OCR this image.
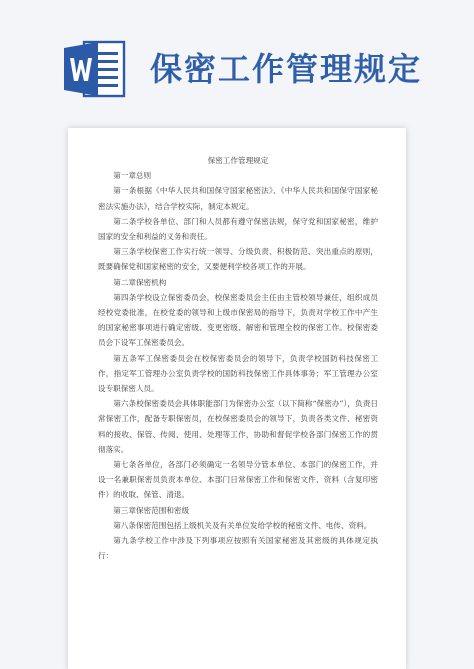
保密工作管理规定
保密工作管理规定
第一章总则
第一条根据《中华人民共和国保守国家秘密法》、《中华人民共和国保守国家秘密法实施办法》，结合学校实际，制定本规定。
第二条学校各单位、部门和人员都有遵守保密法规，保守党和国家秘密，维护国家的安全和利益的义务和责任。
第三条学校保密工作实行统一领导、分级负责、积极防范、突出重点的原则，既要确保党和国家秘密的安全，又要便利学校各项工作的开展。
第二章保密机构
第四条学校设立保密委员会，校保密委员会主任由主管校领导兼任，组织成员经校党委批准，在校党委的领导和上级市保密局的指导下，负责对学校工作中产生的国家秘密事项进行确定密级、变更密级、解密和管理全校的保密工作。校保密委员会下设军工保密委员会。
第五条军工保密委员会在校保密委员会的领导下，负责学校国防科技保密工作，指定军工管理办公室负责学校的国防科技保密工作具体事务；军工管理办公室设专职保密人员。
第六条校保密委员会具体职能部门为保密办公室（以下简称“保密办”），负责日常保密工作，配备专职保密员，在校保密委员会的领导下，负责各类文件、秘密资料的接收、保管、传阅、使用、处理等工作，协助和督促学校各部门保密工作的贯彻落实。
第七条各单位，各部门必须确定一名领导分管本单位、本部门的保密工作，并设一名兼职保密员负责本单位、本部门日常保密工作和保密文件、资料（含复印密件）的收取、保管、清退。
第三章保密范围和密级
第八条保密范围包括上级机关及有关单位发给学校的秘密文件、电传、资料。
第九条学校工作中涉及下列事项应按照有关国家秘密及其密级的具体规定执行：
